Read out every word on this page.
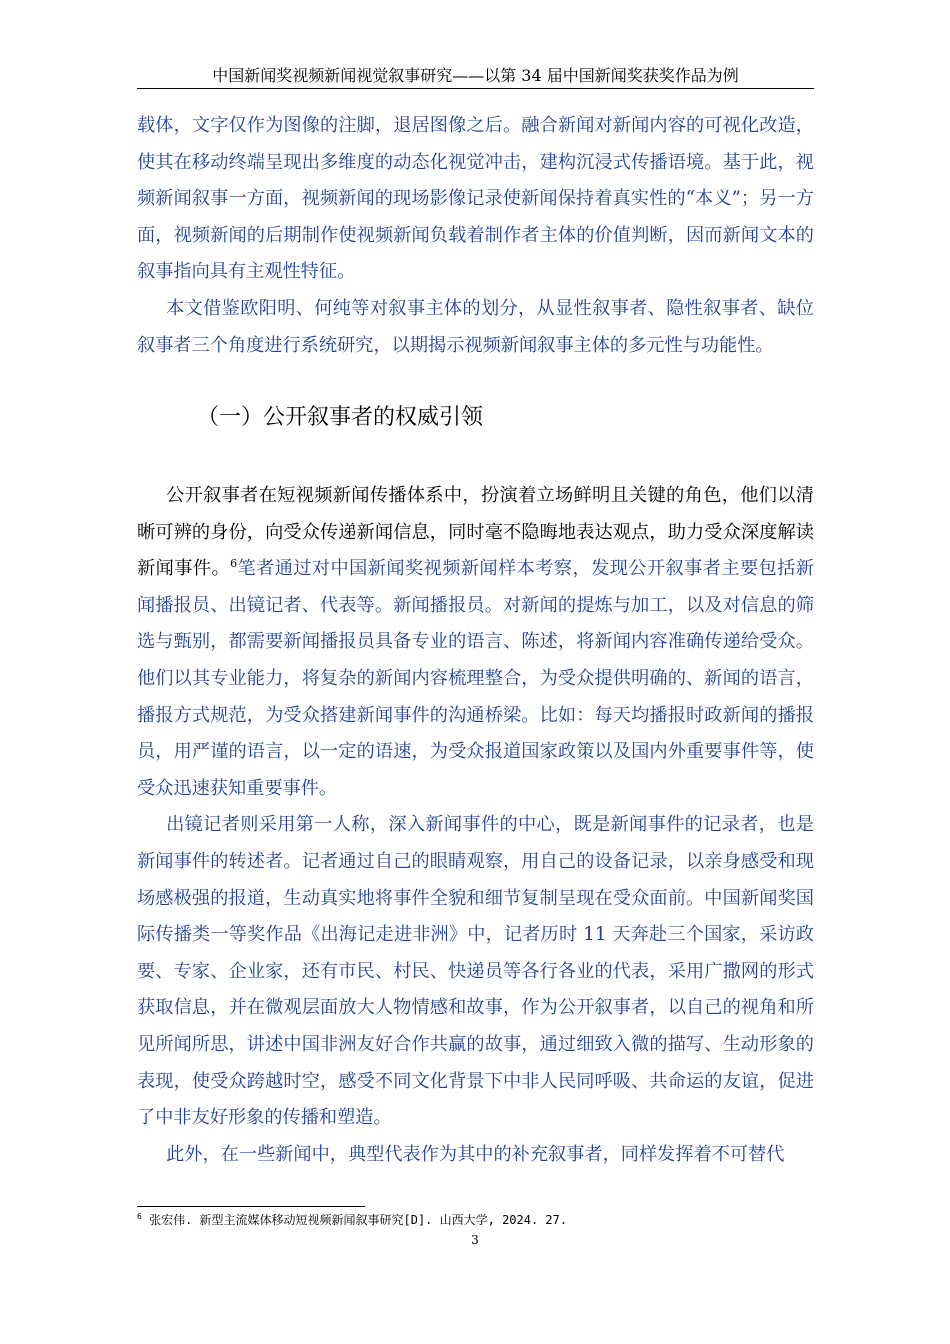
中国新闻奖视频新闻视觉叙事研究——以第 34 届中国新闻奖获奖作品为例

载体，文字仅作为图像的注脚，退居图像之后。融合新闻对新闻内容的可视化改造，使其在移动终端呈现出多维度的动态化视觉冲击，建构沉浸式传播语境。基于此，视频新闻叙事一方面，视频新闻的现场影像记录使新闻保持着真实性的“本义”；另一方面，视频新闻的后期制作使视频新闻负载着制作者主体的价值判断，因而新闻文本的叙事指向具有主观性特征。

本文借鉴欧阳明、何纯等对叙事主体的划分，从显性叙事者、隐性叙事者、缺位叙事者三个角度进行系统研究，以期揭示视频新闻叙事主体的多元性与功能性。

（一）公开叙事者的权威引领

公开叙事者在短视频新闻传播体系中，扮演着立场鲜明且关键的角色，他们以清晰可辨的身份，向受众传递新闻信息，同时毫不隐晦地表达观点，助力受众深度解读新闻事件。$^6$笔者通过对中国新闻奖视频新闻样本考察，发现公开叙事者主要包括新闻播报员、出镜记者、代表等。新闻播报员。对新闻的提炼与加工，以及对信息的筛选与甄别，都需要新闻播报员具备专业的语言、陈述，将新闻内容准确传递给受众。他们以其专业能力，将复杂的新闻内容梳理整合，为受众提供明确的、新闻的语言，播报方式规范，为受众搭建新闻事件的沟通桥梁。比如：每天均播报时政新闻的播报员，用严谨的语言，以一定的语速，为受众报道国家政策以及国内外重要事件等，使受众迅速获知重要事件。

出镜记者则采用第一人称，深入新闻事件的中心，既是新闻事件的记录者，也是新闻事件的转述者。记者通过自己的眼睛观察，用自己的设备记录，以亲身感受和现场感极强的报道，生动真实地将事件全貌和细节复制呈现在受众面前。中国新闻奖国际传播类一等奖作品《出海记走进非洲》中，记者历时 11 天奔赴三个国家，采访政要、专家、企业家，还有市民、村民、快递员等各行各业的代表，采用广撒网的形式获取信息，并在微观层面放大人物情感和故事，作为公开叙事者，以自己的视角和所见所闻所思，讲述中国非洲友好合作共赢的故事，通过细致入微的描写、生动形象的表现，使受众跨越时空，感受不同文化背景下中非人民同呼吸、共命运的友谊，促进了中非友好形象的传播和塑造。

此外，在一些新闻中，典型代表作为其中的补充叙事者，同样发挥着不可替代

$^6$ 张宏伟. 新型主流媒体移动短视频新闻叙事研究[D]. 山西大学, 2024. 27.
3
